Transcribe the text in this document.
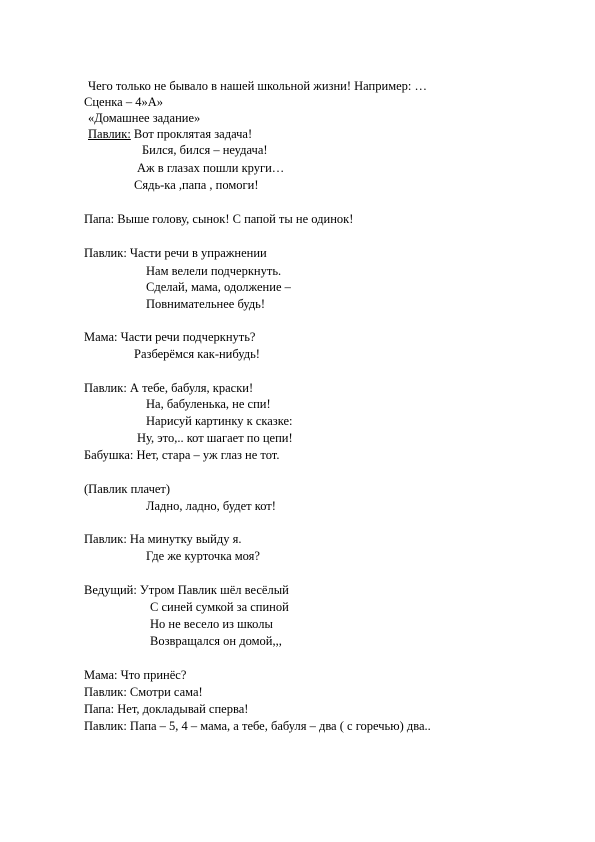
Чего только не бывало в нашей школьной жизни! Например: …
Сценка – 4»А»
«Домашнее задание»
Павлик: Вот проклятая задача!
Бился, бился – неудача!
Аж в глазах пошли круги…
Сядь-ка ,папа , помоги!
Папа: Выше голову, сынок! С папой ты не одинок!
Павлик: Части речи в упражнении
Нам велели подчеркнуть.
Сделай, мама, одолжение –
Повнимательнее будь!
Мама: Части речи подчеркнуть?
Разберёмся как-нибудь!
Павлик: А тебе, бабуля, краски!
На, бабуленька, не спи!
Нарисуй картинку к сказке:
Ну, это,.. кот шагает по цепи!
Бабушка: Нет, стара – уж глаз не тот.
(Павлик плачет)
Ладно, ладно, будет кот!
Павлик: На минутку выйду я.
Где же курточка моя?
Ведущий: Утром Павлик шёл весёлый
С синей сумкой за спиной
Но не весело из школы
Возвращался он домой,,,
Мама: Что принёс?
Павлик: Смотри сама!
Папа: Нет, докладывай сперва!
Павлик: Папа – 5, 4 – мама, а тебе, бабуля – два ( с горечью) два..
